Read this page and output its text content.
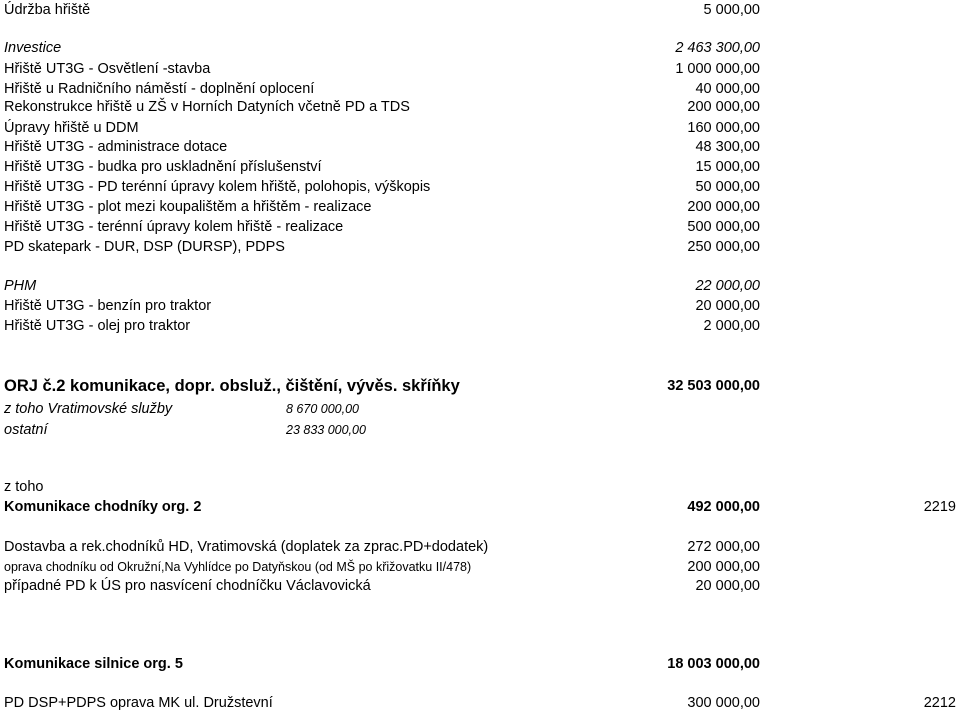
Údržba hřiště	5 000,00
Investice	2 463 300,00
Hřiště UT3G - Osvětlení -stavba	1 000 000,00
Hřiště u Radničního náměstí - doplnění oplocení	40 000,00
Rekonstrukce hřiště u ZŠ v Horních Datyních včetně PD a TDS	200 000,00
Úpravy hřiště u DDM	160 000,00
Hřiště UT3G - administrace dotace	48 300,00
Hřiště UT3G - budka pro uskladnění příslušenství	15 000,00
Hřiště UT3G - PD terénní úpravy kolem hřiště, polohopis, výškopis	50 000,00
Hřiště UT3G - plot mezi koupalištěm a hřištěm - realizace	200 000,00
Hřiště UT3G - terénní úpravy kolem hřiště - realizace	500 000,00
PD skatepark - DUR, DSP (DURSP), PDPS	250 000,00
PHM	22 000,00
Hřiště UT3G - benzín pro traktor	20 000,00
Hřiště UT3G - olej pro traktor	2 000,00
ORJ č.2 komunikace, dopr. obsluž., čištění, vývěs. skříňky	32 503 000,00
z toho Vratimovské služby	8 670 000,00
ostatní	23 833 000,00
z toho
Komunikace chodníky org. 2	492 000,00	2219
Dostavba a rek.chodníků HD, Vratimovská (doplatek za zprac.PD+dodatek)	272 000,00
oprava chodníku od Okružní,Na Vyhlídce po Datyňskou (od MŠ po křižovatku II/478)	200 000,00
případné PD k ÚS pro nasvícení chodníčku Václavovická	20 000,00
Komunikace silnice org. 5	18 003 000,00
PD DSP+PDPS oprava MK ul. Družstevní	300 000,00	2212
